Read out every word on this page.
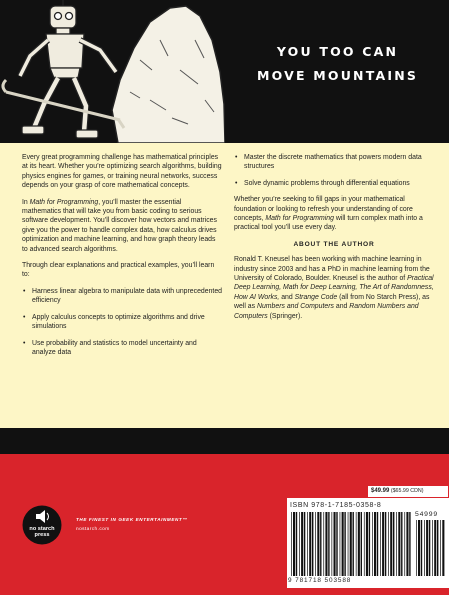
YOU TOO CAN
MOVE MOUNTAINS

Every great programming challenge has mathematical principles at its heart. Whether you’re optimizing search algorithms, building physics engines for games, or training neural networks, success depends on your grasp of core mathematical concepts.

In Math for Programming, you’ll master the essential mathematics that will take you from basic coding to serious software development. You’ll discover how vectors and matrices give you the power to handle complex data, how calculus drives optimization and machine learning, and how graph theory leads to advanced search algorithms.

Through clear explanations and practical examples, you’ll learn to:

• Harness linear algebra to manipulate data with unprecedented efficiency
• Apply calculus concepts to optimize algorithms and drive simulations
• Use probability and statistics to model uncertainty and analyze data
• Master the discrete mathematics that powers modern data structures
• Solve dynamic problems through differential equations

Whether you’re seeking to fill gaps in your mathematical foundation or looking to refresh your understanding of core concepts, Math for Programming will turn complex math into a practical tool you’ll use every day.

ABOUT THE AUTHOR

Ronald T. Kneusel has been working with machine learning in industry since 2003 and has a PhD in machine learning from the University of Colorado, Boulder. Kneusel is the author of Practical Deep Learning, Math for Deep Learning, The Art of Randomness, How AI Works, and Strange Code (all from No Starch Press), as well as Numbers and Computers and Random Numbers and Computers (Springer).

no starch
press
THE FINEST IN GEEK ENTERTAINMENT™
nostarch.com
$49.99 ($65.99 CDN)
ISBN 978-1-7185-0358-8
54999
9 781718 503588
